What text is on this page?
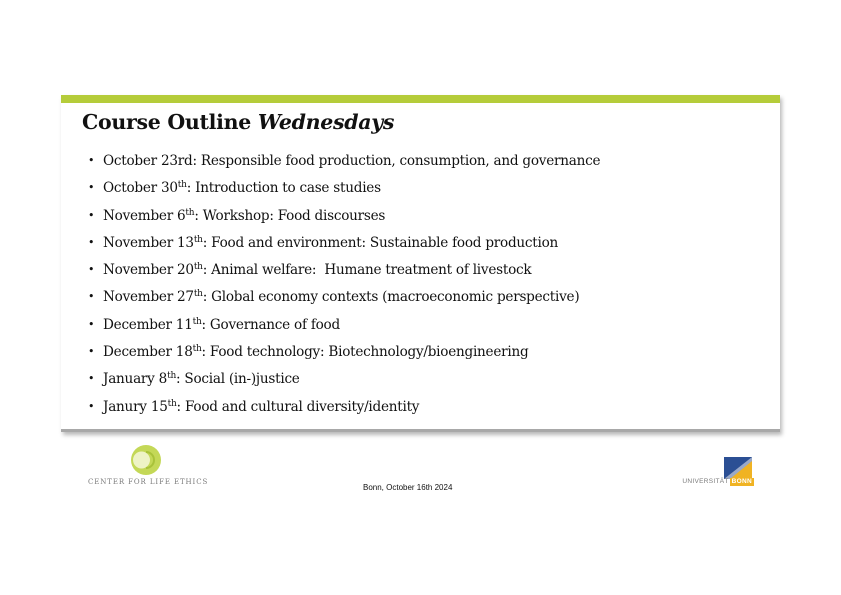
Course Outline Wednesdays
• October 23rd: Responsible food production, consumption, and governance
• October 30th: Introduction to case studies
• November 6th: Workshop: Food discourses
• November 13th: Food and environment: Sustainable food production
• November 20th: Animal welfare:  Humane treatment of livestock
• November 27th: Global economy contexts (macroeconomic perspective)
• December 11th: Governance of food
• December 18th: Food technology: Biotechnology/bioengineering
• January 8th: Social (in-)justice
• Janury 15th: Food and cultural diversity/identity
CENTER FOR LIFE ETHICS
Bonn, October 16th 2024
UNIVERSITÄT BONN
